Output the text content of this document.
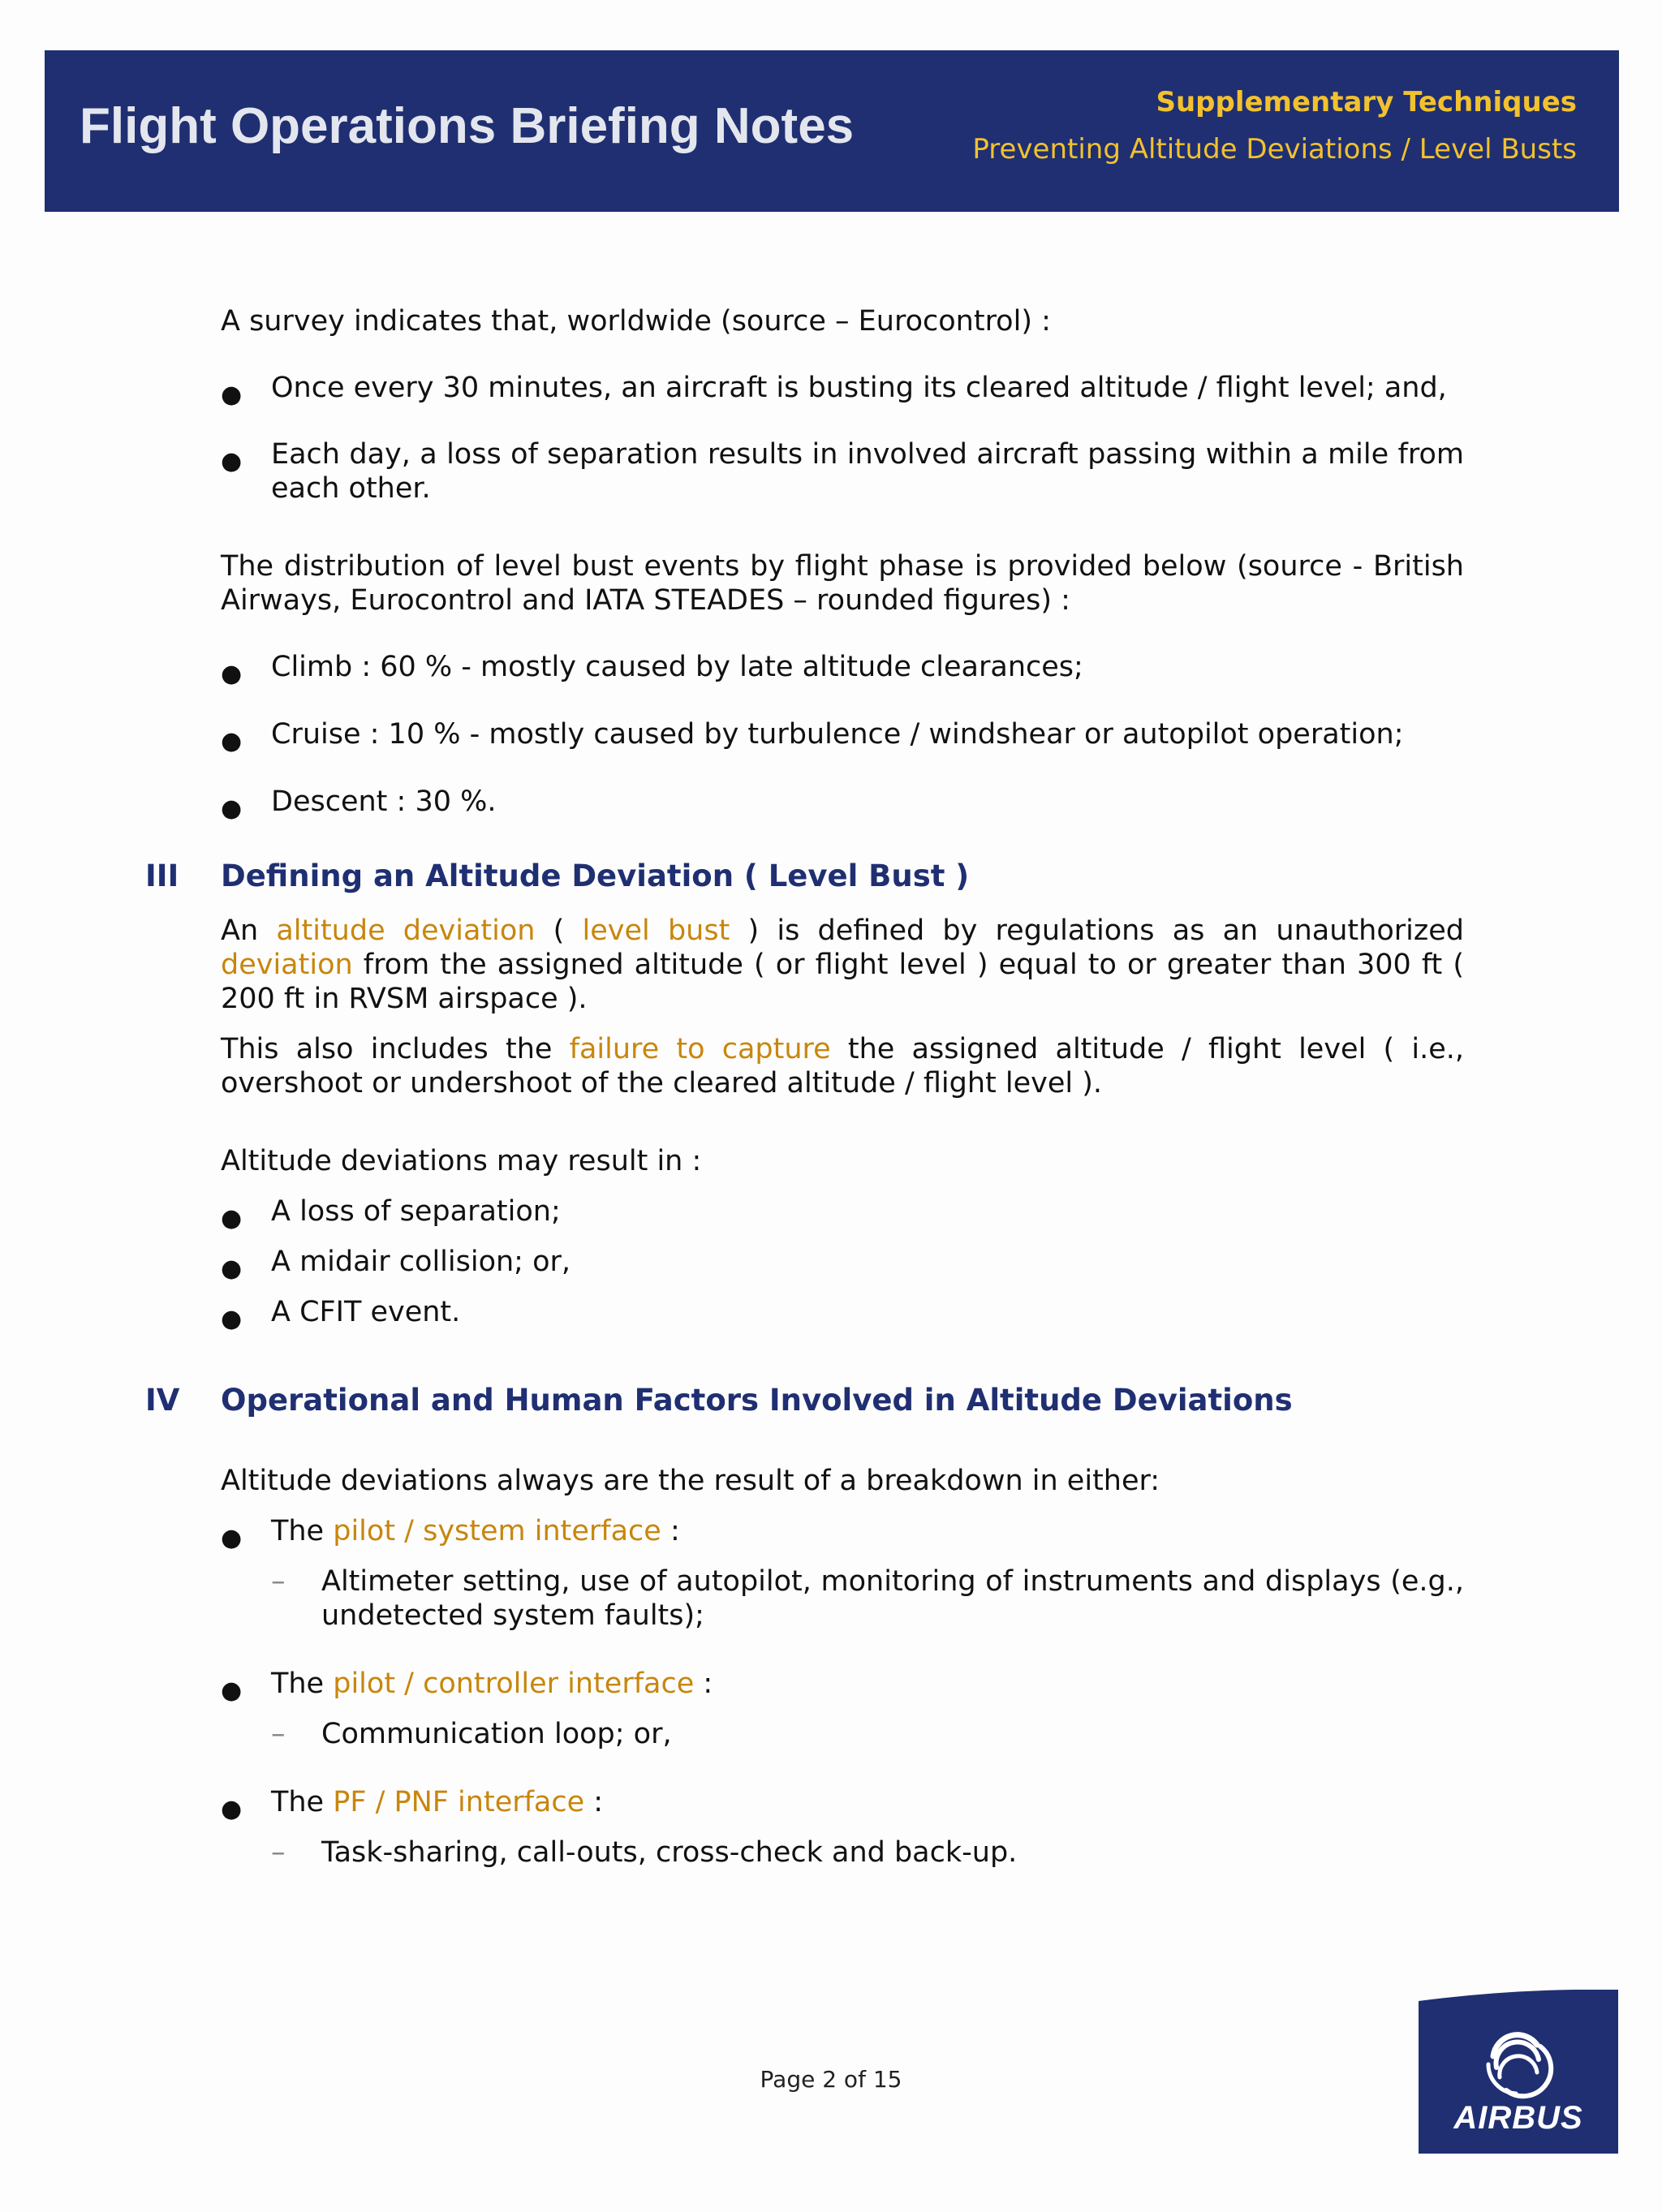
Flight Operations Briefing Notes	Supplementary Techniques
Preventing Altitude Deviations / Level Busts

A survey indicates that, worldwide (source – Eurocontrol) :

● Once every 30 minutes, an aircraft is busting its cleared altitude / flight level; and,

● Each day, a loss of separation results in involved aircraft passing within a mile from each other.

The distribution of level bust events by flight phase is provided below (source - British Airways, Eurocontrol and IATA STEADES – rounded figures) :

● Climb : 60 % - mostly caused by late altitude clearances;

● Cruise : 10 % - mostly caused by turbulence / windshear or autopilot operation;

● Descent : 30 %.

III Defining an Altitude Deviation ( Level Bust )

An altitude deviation ( level bust ) is defined by regulations as an unauthorized deviation from the assigned altitude ( or flight level ) equal to or greater than 300 ft ( 200 ft in RVSM airspace ).

This also includes the failure to capture the assigned altitude / flight level ( i.e., overshoot or undershoot of the cleared altitude / flight level ).

Altitude deviations may result in :

● A loss of separation;

● A midair collision; or,

● A CFIT event.

IV Operational and Human Factors Involved in Altitude Deviations

Altitude deviations always are the result of a breakdown in either:

● The pilot / system interface :

– Altimeter setting, use of autopilot, monitoring of instruments and displays (e.g., undetected system faults);

● The pilot / controller interface :

– Communication loop; or,

● The PF / PNF interface :

– Task-sharing, call-outs, cross-check and back-up.

Page 2 of 15
AIRBUS
